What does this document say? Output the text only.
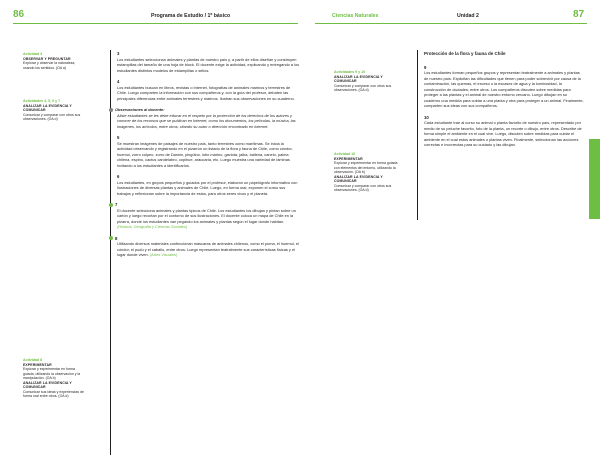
86	Programa de Estudio / 1º básico	Ciencias Naturales	Unidad 2	87
Actividad 3
OBSERVAR Y PREGUNTAR
Explorar y observar la naturaleza, usando los sentidos. (OA a)
Actividades 4, 5, 6 y 7
ANALIZAR LA EVIDENCIA Y COMUNICAR
Comunicar y comparar con otros sus observaciones. (OA d)
Actividad 8
EXPERIMENTAR
Explorar y experimentar en forma guiada, utilizando la observación y la manipulación. (OA b)
ANALIZAR LA EVIDENCIA Y COMUNICAR
Comunicar sus ideas y experiencias de forma oral entre otros. (OA d)
3
Los estudiantes seleccionan animales y plantas de nuestro país y, a partir de ellos diseñan y construyen estampillas del tamaño de una hoja de block. El docente exige la actividad, explicando y entregando a los estudiantes distintos modelos de estampillas o sellos.
4
Los estudiantes buscan en libros, revistas o Internet, fotografías de animales marinos y terrestres de Chile. Luego comparten la información con sus compañeros y, con la guía del profesor, debaten las principales diferencias entre animales terrestres y marinos. Ilustran sus observaciones en su cuaderno.
Observaciones al docente:
Aliste estudiantes se les debe educar en el respeto por la protección de los derechos de los autores y conocer de los recursos que se publican en Internet, como los documentos, los películas, la música, las imágenes, los artículos, entre otros; citando su autor o dirección encontrado en internet.
5
Se muestran imágenes de paisajes de nuestro país, tanto terrestres como marítimas. Se inicia la actividad observando y registrando en el pizarrón un listado de la flora y fauna de Chile, como cóndor, huemul, zorro culpeo, zorro de Darwin, pingüino, lobo marino, gaviota, jaiba, ballena, canelo, palma chilena, espino, cactus candelabro, copihue, araucaria, etc. Luego muestra una variedad de láminas invitando a los estudiantes a identificarlos.
6
Los estudiantes, en grupos pequeños y guiados por el profesor, elaboran un papelógrafo informativo con ilustraciones de diversas plantas y animales de Chile. Luego, en forma oral, exponen el curso sus trabajos y reflexionan sobre la importancia de estos, para otros seres vivos y el planeta.
7
El docente selecciona animales y plantas típicos de Chile. Los estudiantes los dibujan y pintan sobre un cartón y luego recortan por el contorno de sus ilustraciones. El docente coloca un mapa de Chile en la pizarra, donde los estudiantes van pegando los animales y plantas según el lugar donde habitan. (Historia, Geografía y Ciencias Sociales)
8
Utilizando diversos materiales confeccionan máscaras de animales chilenos, como el puma, el huemul, el cóndor, el pudú y el caballo, entre otros. Luego representan teatralmente sus características físicas y el lugar donde viven. (Artes Visuales)
Actividades 9 y 10
ANALIZAR LA EVIDENCIA Y COMUNICAR
Comunicar y comparar con otros sus observaciones. (OA d)
Actividad 10
EXPERIMENTAR
Explorar y experimentar en forma guiada con elementos del entorno, utilizando la observación. (OA b)
ANALIZAR LA EVIDENCIA Y COMUNICAR
Comunicar y comparar con otros sus observaciones. (OA d)
Protección de la flora y fauna de Chile
9
Los estudiantes forman pequeños grupos y representan teatralmente a animales y plantas de nuestro país. Explicitan las dificultades que tienen para poder sobrevivir por causa de la contaminación, las quemas, el exceso o la escasez de agua y la luminosidad, la construcción de ciudades, entre otros. Los compañeros discuten sobre medidas para proteger a las plantas y el animal de nuestro entorno cercano. Luego dibujan en su cuaderno una medida para cuidar a una planta y otra para proteger a un animal. Finalmente, comparten sus ideas con sus compañeros.
10
Cada estudiante trae al curso su animal o planta favorito de nuestro país, representado por medio de su peluche favorito, foto de la planta, un recorte o dibujo, entre otros. Describe de forma simple el ambiente en el cual vive. Luego, discuten sobre medidas para cuidar el ambiente en el cual estos animales o plantas viven. Finalmente, seleccionan las acciones correctas e incorrectas para su cuidado y las dibujan.
